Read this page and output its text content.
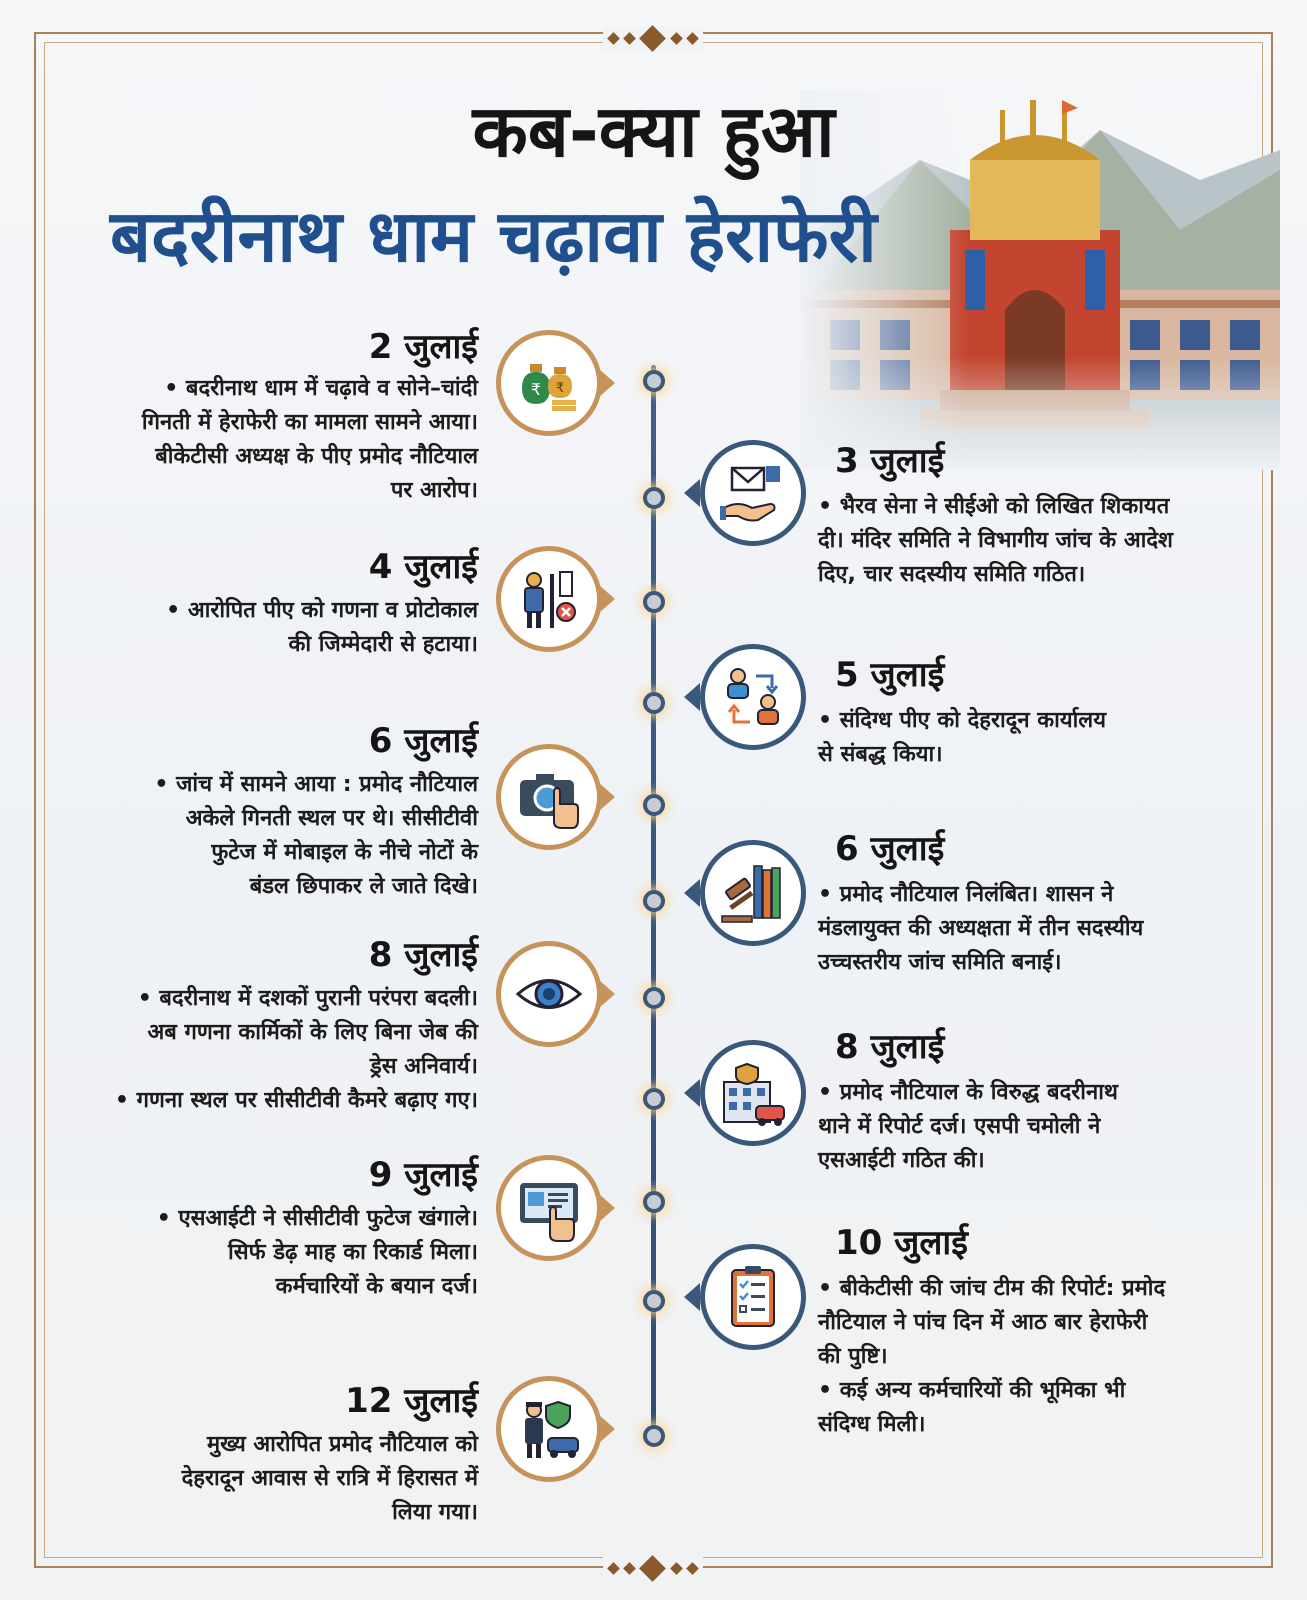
कब-क्या हुआ
बदरीनाथ धाम चढ़ावा हेराफेरी
2 जुलाई
• बदरीनाथ धाम में चढ़ावे व सोने–चांदी
गिनती में हेराफेरी का मामला सामने आया।
बीकेटीसी अध्यक्ष के पीए प्रमोद नौटियाल
पर आरोप।
₹ ₹
4 जुलाई
• आरोपित पीए को गणना व प्रोटोकाल
की जिम्मेदारी से हटाया।
6 जुलाई
• जांच में सामने आया : प्रमोद नौटियाल
अकेले गिनती स्थल पर थे। सीसीटीवी
फुटेज में मोबाइल के नीचे नोटों के
बंडल छिपाकर ले जाते दिखे।
8 जुलाई
• बदरीनाथ में दशकों पुरानी परंपरा बदली।
अब गणना कार्मिकों के लिए बिना जेब की
ड्रेस अनिवार्य।
• गणना स्थल पर सीसीटीवी कैमरे बढ़ाए गए।
9 जुलाई
• एसआईटी ने सीसीटीवी फुटेज खंगाले।
सिर्फ डेढ़ माह का रिकार्ड मिला।
कर्मचारियों के बयान दर्ज।
12 जुलाई
मुख्य आरोपित प्रमोद नौटियाल को
देहरादून आवास से रात्रि में हिरासत में
लिया गया।
3 जुलाई
• भैरव सेना ने सीईओ को लिखित शिकायत
दी। मंदिर समिति ने विभागीय जांच के आदेश
दिए, चार सदस्यीय समिति गठित।
5 जुलाई
• संदिग्ध पीए को देहरादून कार्यालय
से संबद्ध किया।
6 जुलाई
• प्रमोद नौटियाल निलंबित। शासन ने
मंडलायुक्त की अध्यक्षता में तीन सदस्यीय
उच्चस्तरीय जांच समिति बनाई।
8 जुलाई
• प्रमोद नौटियाल के विरुद्ध बदरीनाथ
थाने में रिपोर्ट दर्ज। एसपी चमोली ने
एसआईटी गठित की।
10 जुलाई
• बीकेटीसी की जांच टीम की रिपोर्ट: प्रमोद
नौटियाल ने पांच दिन में आठ बार हेराफेरी
की पुष्टि।
• कई अन्य कर्मचारियों की भूमिका भी
संदिग्ध मिली।
